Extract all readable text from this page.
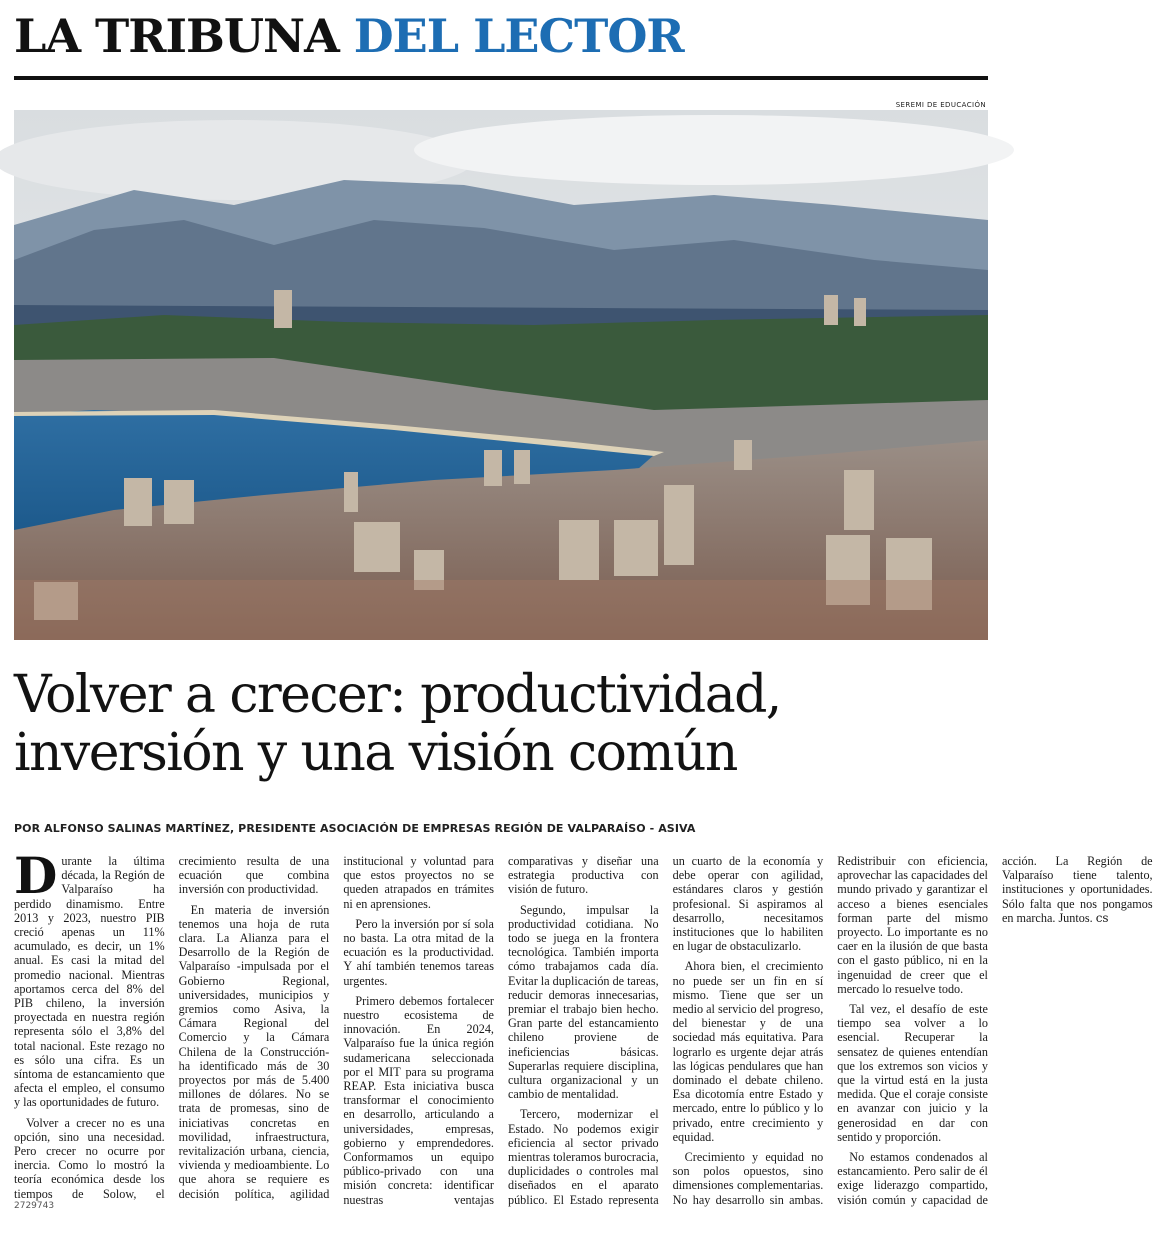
LA TRIBUNA DEL LECTOR
SEREMI DE EDUCACIÓN
Volver a crecer: productividad,
inversión y una visión común
POR ALFONSO SALINAS MARTÍNEZ, PRESIDENTE ASOCIACIÓN DE EMPRESAS REGIÓN DE VALPARAÍSO - ASIVA

Durante la última década, la Región de Valparaíso ha perdido dinamismo. Entre 2013 y 2023, nuestro PIB creció apenas un 11% acumulado, es decir, un 1% anual. Es casi la mitad del promedio nacional. Mientras aportamos cerca del 8% del PIB chileno, la inversión proyectada en nuestra región representa sólo el 3,8% del total nacional. Este rezago no es sólo una cifra. Es un síntoma de estancamiento que afecta el empleo, el consumo y las oportunidades de futuro.

Volver a crecer no es una opción, sino una necesidad. Pero crecer no ocurre por inercia. Como lo mostró la teoría económica desde los tiempos de Solow, el crecimiento resulta de una ecuación que combina inversión con productividad.

En materia de inversión tenemos una hoja de ruta clara. La Alianza para el Desarrollo de la Región de Valparaíso -impulsada por el Gobierno Regional, universidades, municipios y gremios como Asiva, la Cámara Regional del Comercio y la Cámara Chilena de la Construcción- ha identificado más de 30 proyectos por más de 5.400 millones de dólares. No se trata de promesas, sino de iniciativas concretas en movilidad, infraestructura, revitalización urbana, ciencia, vivienda y medioambiente. Lo que ahora se requiere es decisión política, agilidad institucional y voluntad para que estos proyectos no se queden atrapados en trámites ni en aprensiones.

Pero la inversión por sí sola no basta. La otra mitad de la ecuación es la productividad. Y ahí también tenemos tareas urgentes.

Primero debemos fortalecer nuestro ecosistema de innovación. En 2024, Valparaíso fue la única región sudamericana seleccionada por el MIT para su programa REAP. Esta iniciativa busca transformar el conocimiento en desarrollo, articulando a universidades, empresas, gobierno y emprendedores. Conformamos un equipo público-privado con una misión concreta: identificar nuestras ventajas comparativas y diseñar una estrategia productiva con visión de futuro.

Segundo, impulsar la productividad cotidiana. No todo se juega en la frontera tecnológica. También importa cómo trabajamos cada día. Evitar la duplicación de tareas, reducir demoras innecesarias, premiar el trabajo bien hecho. Gran parte del estancamiento chileno proviene de ineficiencias básicas. Superarlas requiere disciplina, cultura organizacional y un cambio de mentalidad.

Tercero, modernizar el Estado. No podemos exigir eficiencia al sector privado mientras toleramos burocracia, duplicidades o controles mal diseñados en el aparato público. El Estado representa un cuarto de la economía y debe operar con agilidad, estándares claros y gestión profesional. Si aspiramos al desarrollo, necesitamos instituciones que lo habiliten en lugar de obstaculizarlo.

Ahora bien, el crecimiento no puede ser un fin en sí mismo. Tiene que ser un medio al servicio del progreso, del bienestar y de una sociedad más equitativa. Para lograrlo es urgente dejar atrás las lógicas pendulares que han dominado el debate chileno. Esa dicotomía entre Estado y mercado, entre lo público y lo privado, entre crecimiento y equidad.

Crecimiento y equidad no son polos opuestos, sino dimensiones complementarias. No hay desarrollo sin ambas. Redistribuir con eficiencia, aprovechar las capacidades del mundo privado y garantizar el acceso a bienes esenciales forman parte del mismo proyecto. Lo importante es no caer en la ilusión de que basta con el gasto público, ni en la ingenuidad de creer que el mercado lo resuelve todo.

Tal vez, el desafío de este tiempo sea volver a lo esencial. Recuperar la sensatez de quienes entendían que los extremos son vicios y que la virtud está en la justa medida. Que el coraje consiste en avanzar con juicio y la generosidad en dar con sentido y proporción.

No estamos condenados al estancamiento. Pero salir de él exige liderazgo compartido, visión común y capacidad de acción. La Región de Valparaíso tiene talento, instituciones y oportunidades. Sólo falta que nos pongamos en marcha. Juntos. cs

2729743
